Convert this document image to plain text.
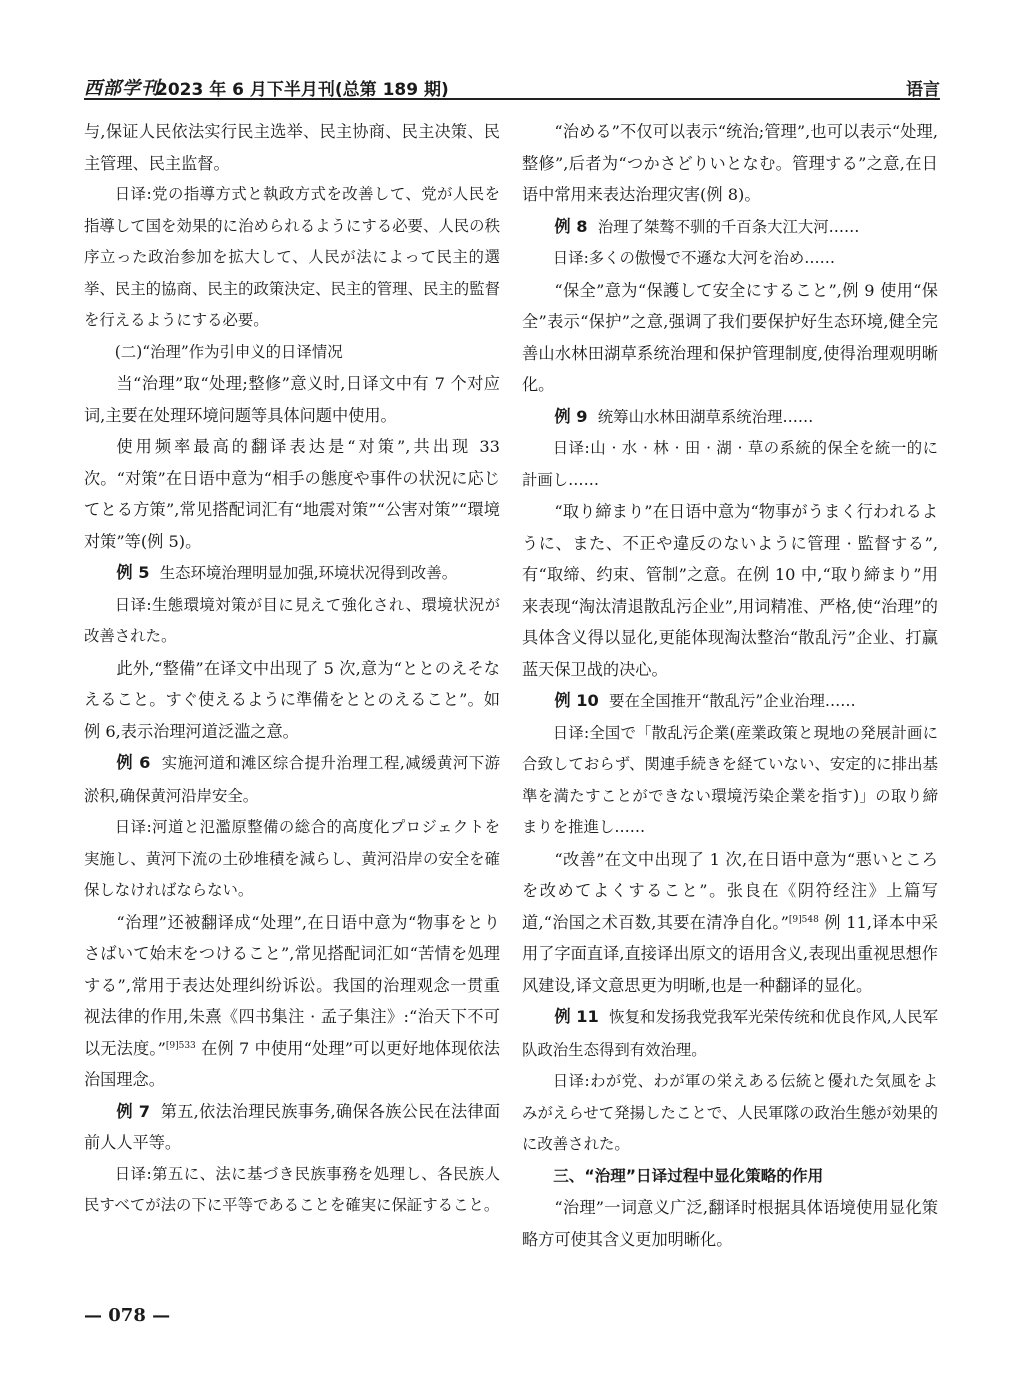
西部学刊
2023 年 6 月下半月刊(总第 189 期)	语言

与,保证人民依法实行民主选举、民主协商、民主决策、民主管理、民主监督。

日译:党の指導方式と執政方式を改善して、党が人民を指導して国を効果的に治められるようにする必要、人民の秩序立った政治参加を拡大して、人民が法によって民主的選挙、民主的協商、民主的政策決定、民主的管理、民主的監督を行えるようにする必要。

(二)“治理”作为引申义的日译情况

当“治理”取“处理;整修”意义时,日译文中有 7 个对应词,主要在处理环境问题等具体问题中使用。

使用频率最高的翻译表达是“对策”,共出现 33 次。“对策”在日语中意为“相手の態度や事件の状況に応じてとる方策”,常见搭配词汇有“地震对策”“公害对策”“環境对策”等(例 5)。

例 5 生态环境治理明显加强,环境状况得到改善。

日译:生態環境対策が目に見えて強化され、環境状況が改善された。

此外,“整備”在译文中出现了 5 次,意为“ととのえそなえること。すぐ使えるように準備をととのえること”。如例 6,表示治理河道泛滥之意。

例 6 实施河道和滩区综合提升治理工程,减缓黄河下游淤积,确保黄河沿岸安全。

日译:河道と氾濫原整備の総合的高度化プロジェクトを実施し、黄河下流の土砂堆積を減らし、黄河沿岸の安全を確保しなければならない。

“治理”还被翻译成“处理”,在日语中意为“物事をとりさばいて始末をつけること”,常见搭配词汇如“苦情を処理する”,常用于表达处理纠纷诉讼。我国的治理观念一贯重视法律的作用,朱熹《四书集注 · 孟子集注》:“治天下不可以无法度。”$^{[9]533}$ 在例 7 中使用“处理”可以更好地体现依法治国理念。

例 7 第五,依法治理民族事务,确保各族公民在法律面前人人平等。

日译:第五に、法に基づき民族事務を処理し、各民族人民すべてが法の下に平等であることを確実に保証すること。

“治める”不仅可以表示“统治;管理”,也可以表示“处理,整修”,后者为“つかさどりいとなむ。管理する”之意,在日语中常用来表达治理灾害(例 8)。

例 8 治理了桀骜不驯的千百条大江大河……

日译:多くの傲慢で不遜な大河を治め……

“保全”意为“保護して安全にすること”,例 9 使用“保全”表示“保护”之意,强调了我们要保护好生态环境,健全完善山水林田湖草系统治理和保护管理制度,使得治理观明晰化。

例 9 统筹山水林田湖草系统治理……

日译:山 · 水 · 林 · 田 · 湖 · 草の系統的保全を統一的に計画し……

“取り締まり”在日语中意为“物事がうまく行われるように、また、不正や違反のないように管理 · 監督する”,有“取缔、约束、管制”之意。在例 10 中,“取り締まり”用来表现“淘汰清退散乱污企业”,用词精准、严格,使“治理”的具体含义得以显化,更能体现淘汰整治“散乱污”企业、打赢蓝天保卫战的决心。

例 10 要在全国推开“散乱污”企业治理……

日译:全国で「散乱污企業(産業政策と現地の発展計画に合致しておらず、関連手続きを経ていない、安定的に排出基準を満たすことができない環境汚染企業を指す)」の取り締まりを推進し……

“改善”在文中出现了 1 次,在日语中意为“悪いところを改めてよくすること”。张良在《阴符经注》上篇写道,“治国之术百数,其要在清净自化。”$^{[9]548}$ 例 11,译本中采用了字面直译,直接译出原文的语用含义,表现出重视思想作风建设,译文意思更为明晰,也是一种翻译的显化。

例 11 恢复和发扬我党我军光荣传统和优良作风,人民军队政治生态得到有效治理。

日译:わが党、わが軍の栄えある伝統と優れた気風をよみがえらせて発揚したことで、人民軍隊の政治生態が効果的に改善された。

三、“治理”日译过程中显化策略的作用

“治理”一词意义广泛,翻译时根据具体语境使用显化策略方可使其含义更加明晰化。

— 078 —
